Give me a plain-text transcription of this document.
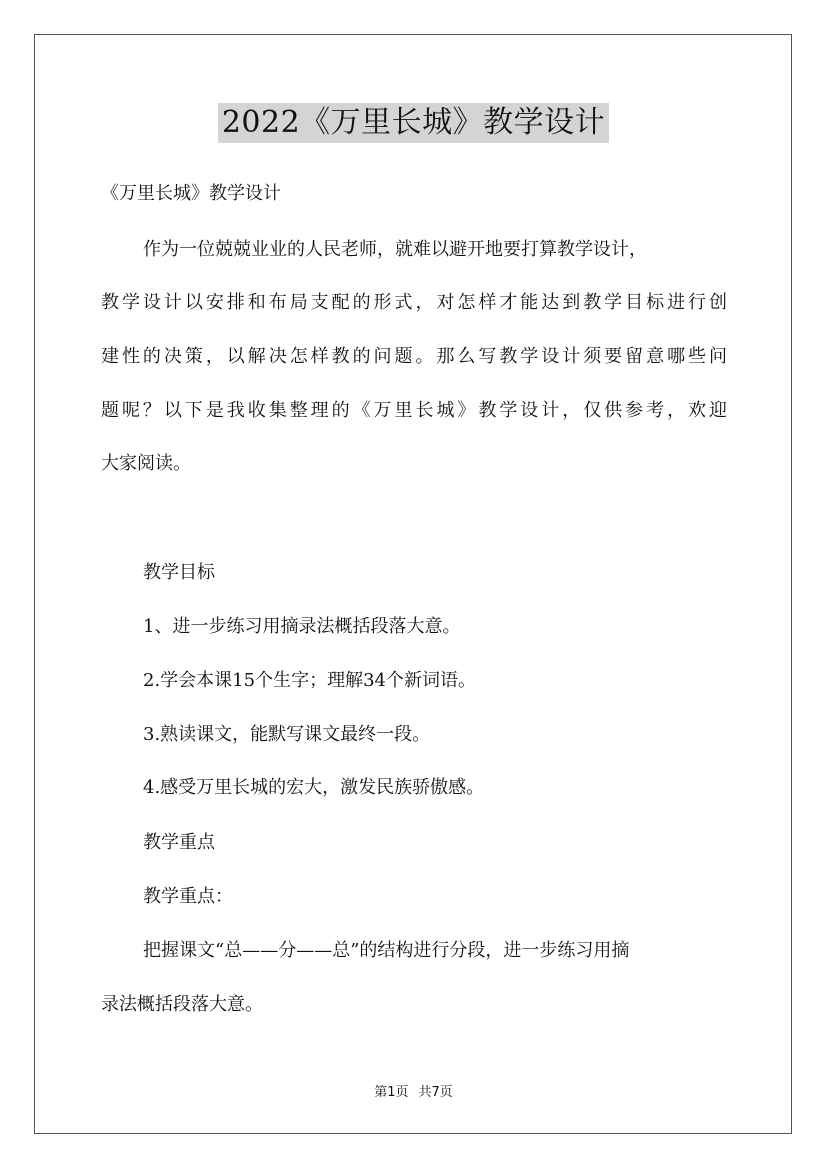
2022《万里长城》教学设计
《万里长城》教学设计
作为一位兢兢业业的人民老师，就难以避开地要打算教学设计，
教学设计以安排和布局支配的形式，对怎样才能达到教学目标进行创
建性的决策，以解决怎样教的问题。那么写教学设计须要留意哪些问
题呢？以下是我收集整理的《万里长城》教学设计，仅供参考，欢迎
大家阅读。
教学目标
1、进一步练习用摘录法概括段落大意。
2.学会本课15个生字；理解34个新词语。
3.熟读课文，能默写课文最终一段。
4.感受万里长城的宏大，激发民族骄傲感。
教学重点
教学重点：
把握课文“总——分——总”的结构进行分段，进一步练习用摘
录法概括段落大意。
第1页 共7页
